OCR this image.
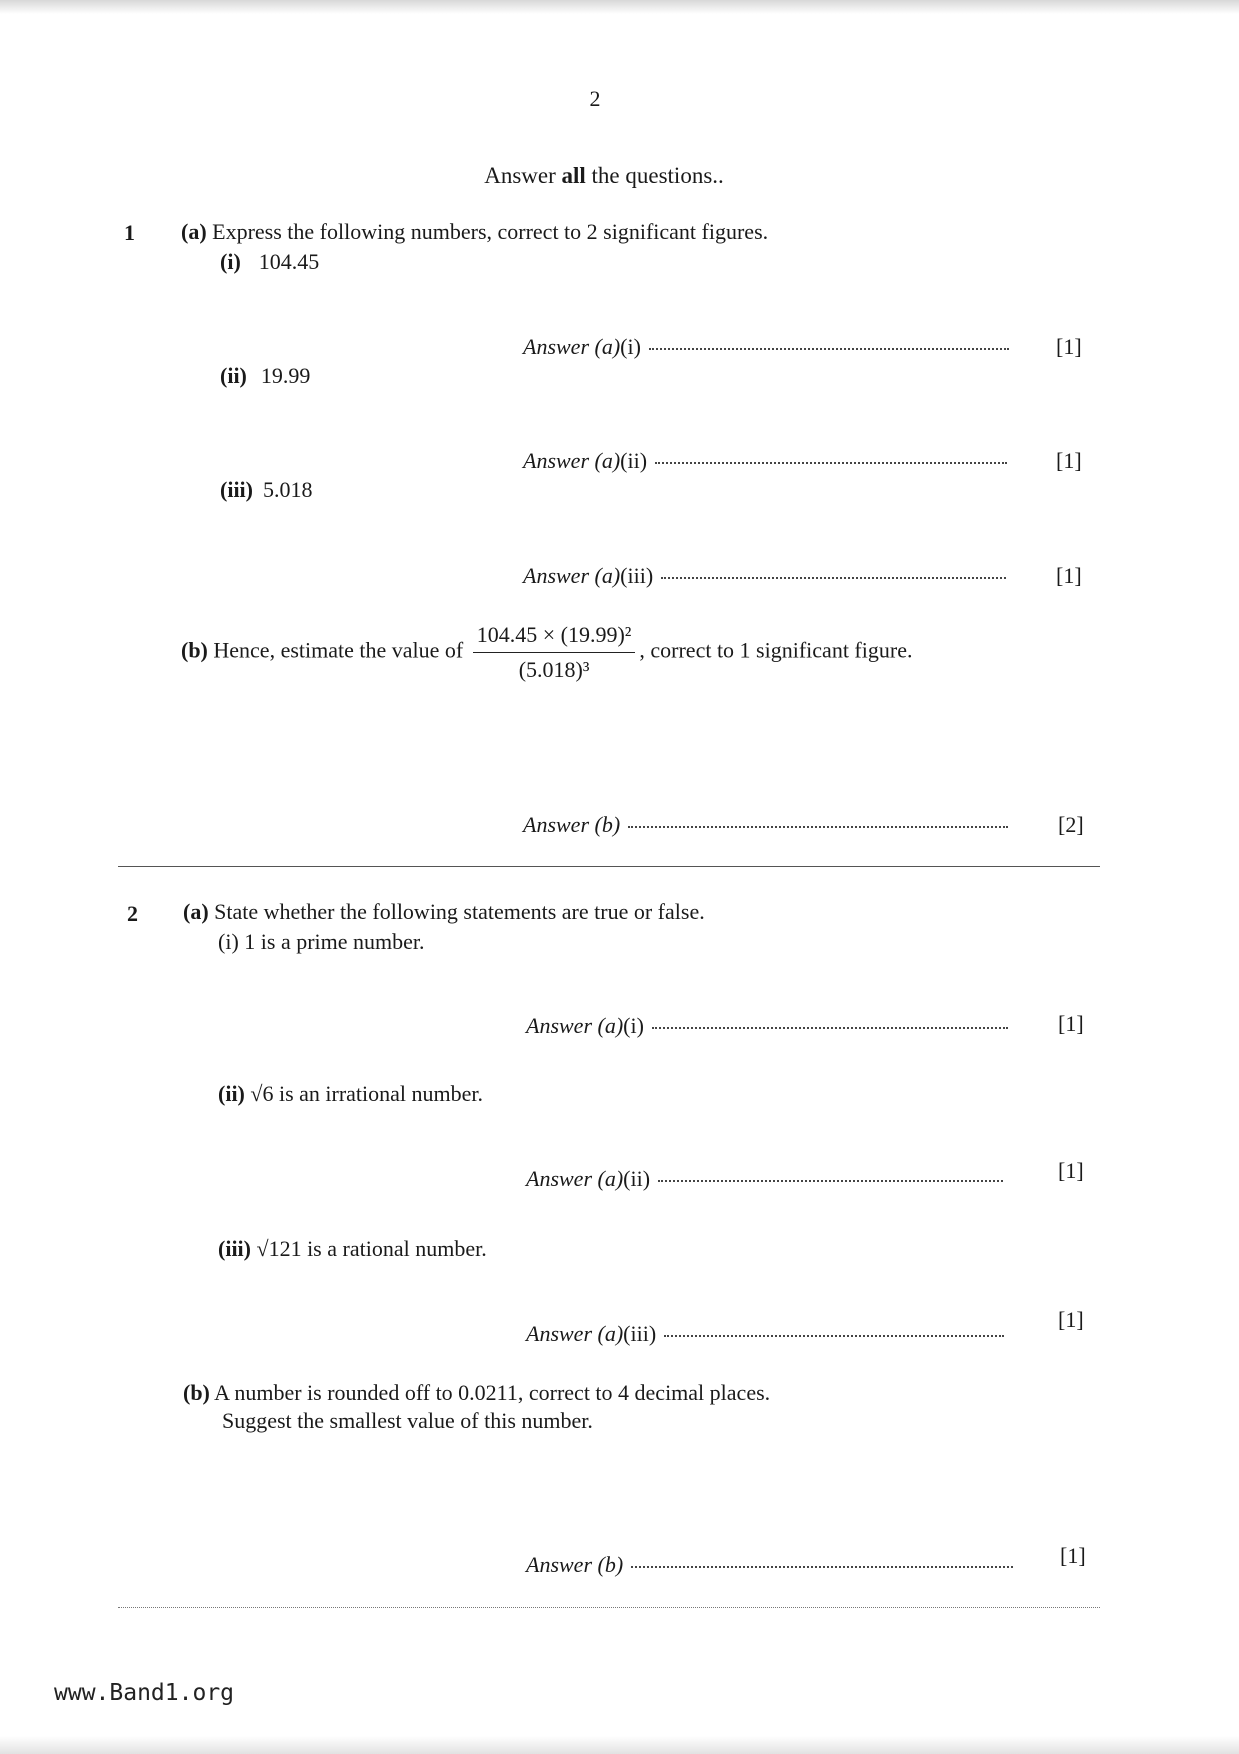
2
Answer all the questions..
1 (a) Express the following numbers, correct to 2 significant figures.
(i) 104.45
Answer (a)(i)	[1]
(ii) 19.99
Answer (a)(ii)	[1]
(iii) 5.018
Answer (a)(iii)	[1]
(b) Hence, estimate the value of $\frac{\text{104.45 × (19.99)²}}{\text{(5.018)³}}$ , correct to 1 significant figure.
Answer (b)	[2]
2 (a) State whether the following statements are true or false.
(i) 1 is a prime number.
Answer (a)(i)	[1]
(ii) √6 is an irrational number.
Answer (a)(ii)	[1]
(iii) √121 is a rational number.
Answer (a)(iii)
[1]
(b) A number is rounded off to 0.0211, correct to 4 decimal places.
Suggest the smallest value of this number.
Answer (b)	[1]
www.Band1.org
